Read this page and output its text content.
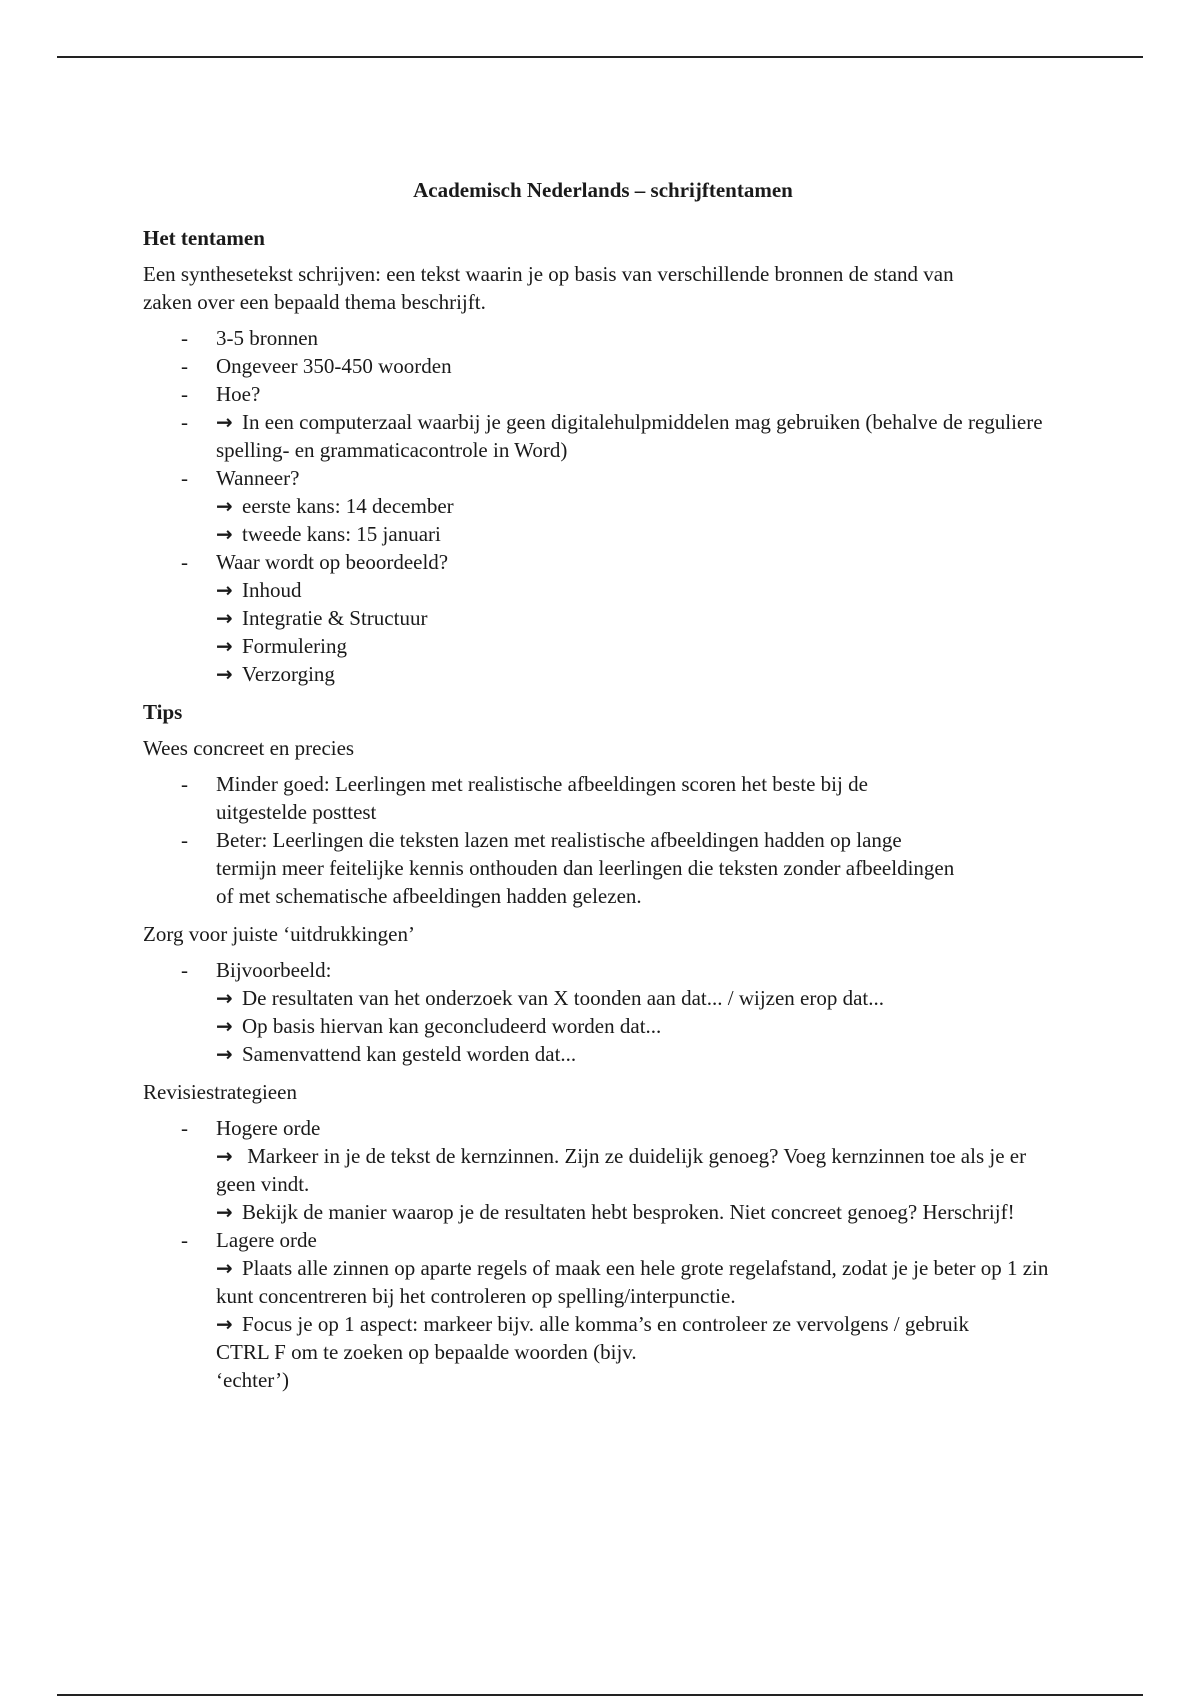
Academisch Nederlands – schrijftentamen
Het tentamen

Een synthesetekst schrijven: een tekst waarin je op basis van verschillende bronnen de stand van zaken over een bepaald thema beschrijft.

- 3-5 bronnen
- Ongeveer 350-450 woorden
- Hoe?
- → In een computerzaal waarbij je geen digitalehulpmiddelen mag gebruiken (behalve de reguliere spelling- en grammaticacontrole in Word)
- Wanneer?
→ eerste kans: 14 december
→ tweede kans: 15 januari
- Waar wordt op beoordeeld?
→ Inhoud
→ Integratie & Structuur
→ Formulering
→ Verzorging
Tips

Wees concreet en precies

- Minder goed: Leerlingen met realistische afbeeldingen scoren het beste bij de uitgestelde posttest
- Beter: Leerlingen die teksten lazen met realistische afbeeldingen hadden op lange termijn meer feitelijke kennis onthouden dan leerlingen die teksten zonder afbeeldingen of met schematische afbeeldingen hadden gelezen.

Zorg voor juiste ‘uitdrukkingen’

- Bijvoorbeeld:
→ De resultaten van het onderzoek van X toonden aan dat... / wijzen erop dat...
→ Op basis hiervan kan geconcludeerd worden dat...
→ Samenvattend kan gesteld worden dat...

Revisiestrategieen

- Hogere orde
→ Markeer in je de tekst de kernzinnen. Zijn ze duidelijk genoeg? Voeg kernzinnen toe als je er geen vindt.
→ Bekijk de manier waarop je de resultaten hebt besproken. Niet concreet genoeg? Herschrijf!
- Lagere orde
→ Plaats alle zinnen op aparte regels of maak een hele grote regelafstand, zodat je je beter op 1 zin kunt concentreren bij het controleren op spelling/interpunctie.
→ Focus je op 1 aspect: markeer bijv. alle komma’s en controleer ze vervolgens / gebruik CTRL F om te zoeken op bepaalde woorden (bijv.
‘echter’)
